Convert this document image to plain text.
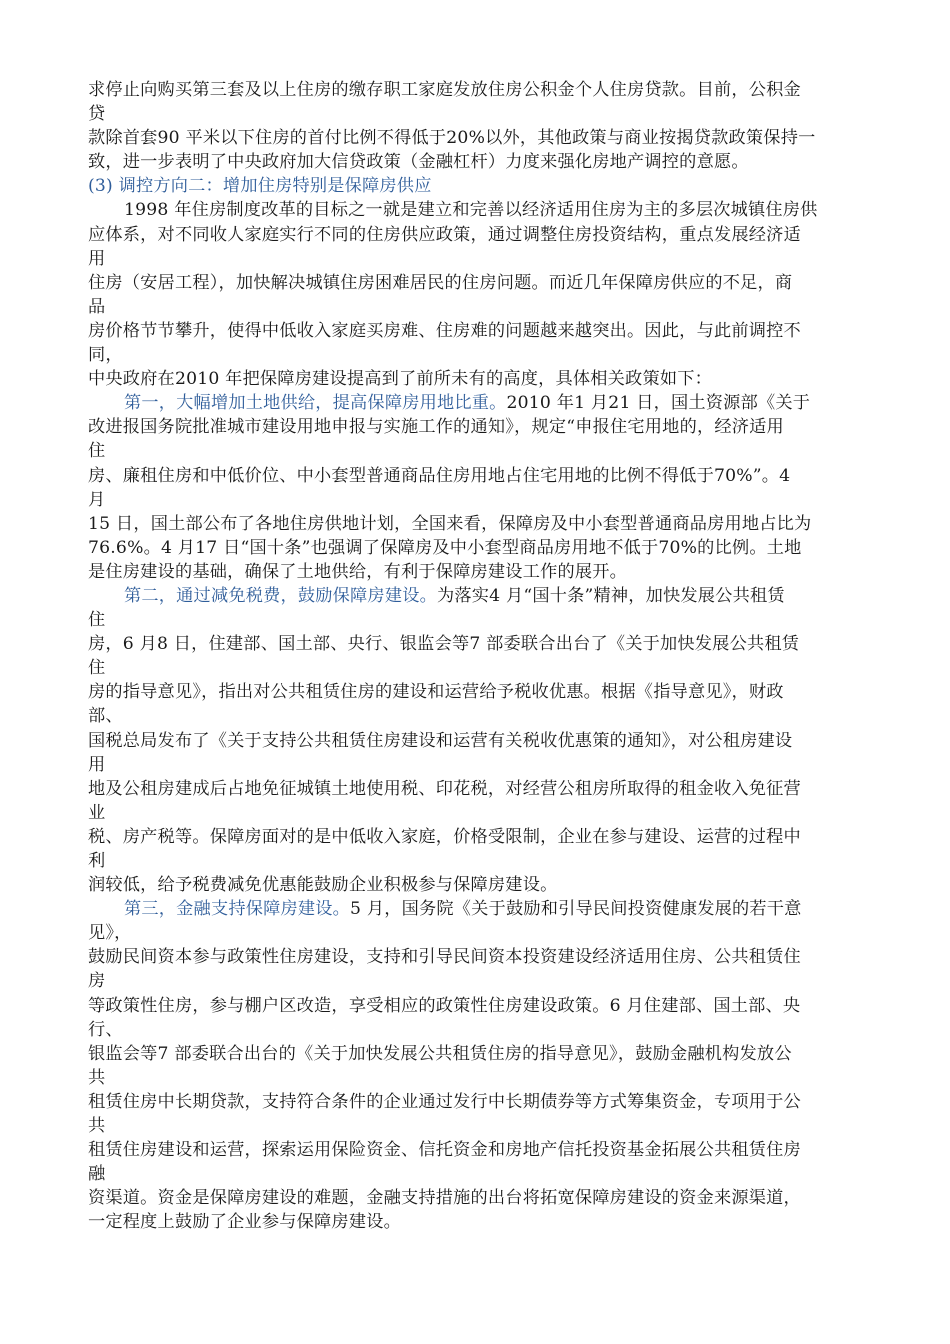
求停止向购买第三套及以上住房的缴存职工家庭发放住房公积金个人住房贷款。目前，公积金
贷
款除首套90 平米以下住房的首付比例不得低于20%以外，其他政策与商业按揭贷款政策保持一
致，进一步表明了中央政府加大信贷政策（金融杠杆）力度来强化房地产调控的意愿。
(3) 调控方向二：增加住房特别是保障房供应
1998 年住房制度改革的目标之一就是建立和完善以经济适用住房为主的多层次城镇住房供
应体系，对不同收人家庭实行不同的住房供应政策，通过调整住房投资结构，重点发展经济适
用
住房（安居工程），加快解决城镇住房困难居民的住房问题。而近几年保障房供应的不足，商
品
房价格节节攀升，使得中低收入家庭买房难、住房难的问题越来越突出。因此，与此前调控不
同，
中央政府在2010 年把保障房建设提高到了前所未有的高度，具体相关政策如下：
第一，大幅增加土地供给，提高保障房用地比重。2010 年1 月21 日，国土资源部《关于
改进报国务院批准城市建设用地申报与实施工作的通知》，规定“申报住宅用地的，经济适用
住
房、廉租住房和中低价位、中小套型普通商品住房用地占住宅用地的比例不得低于70%”。4
月
15 日，国土部公布了各地住房供地计划，全国来看，保障房及中小套型普通商品房用地占比为
76.6%。4 月17 日“国十条”也强调了保障房及中小套型商品房用地不低于70%的比例。土地
是住房建设的基础，确保了土地供给，有利于保障房建设工作的展开。
第二，通过减免税费，鼓励保障房建设。为落实4 月“国十条”精神，加快发展公共租赁
住
房，6 月8 日，住建部、国土部、央行、银监会等7 部委联合出台了《关于加快发展公共租赁
住
房的指导意见》，指出对公共租赁住房的建设和运营给予税收优惠。根据《指导意见》，财政
部、
国税总局发布了《关于支持公共租赁住房建设和运营有关税收优惠策的通知》，对公租房建设
用
地及公租房建成后占地免征城镇土地使用税、印花税，对经营公租房所取得的租金收入免征营
业
税、房产税等。保障房面对的是中低收入家庭，价格受限制，企业在参与建设、运营的过程中
利
润较低，给予税费减免优惠能鼓励企业积极参与保障房建设。
第三，金融支持保障房建设。5 月，国务院《关于鼓励和引导民间投资健康发展的若干意
见》，
鼓励民间资本参与政策性住房建设，支持和引导民间资本投资建设经济适用住房、公共租赁住
房
等政策性住房，参与棚户区改造，享受相应的政策性住房建设政策。6 月住建部、国土部、央
行、
银监会等7 部委联合出台的《关于加快发展公共租赁住房的指导意见》，鼓励金融机构发放公
共
租赁住房中长期贷款，支持符合条件的企业通过发行中长期债券等方式筹集资金，专项用于公
共
租赁住房建设和运营，探索运用保险资金、信托资金和房地产信托投资基金拓展公共租赁住房
融
资渠道。资金是保障房建设的难题，金融支持措施的出台将拓宽保障房建设的资金来源渠道，
一定程度上鼓励了企业参与保障房建设。
